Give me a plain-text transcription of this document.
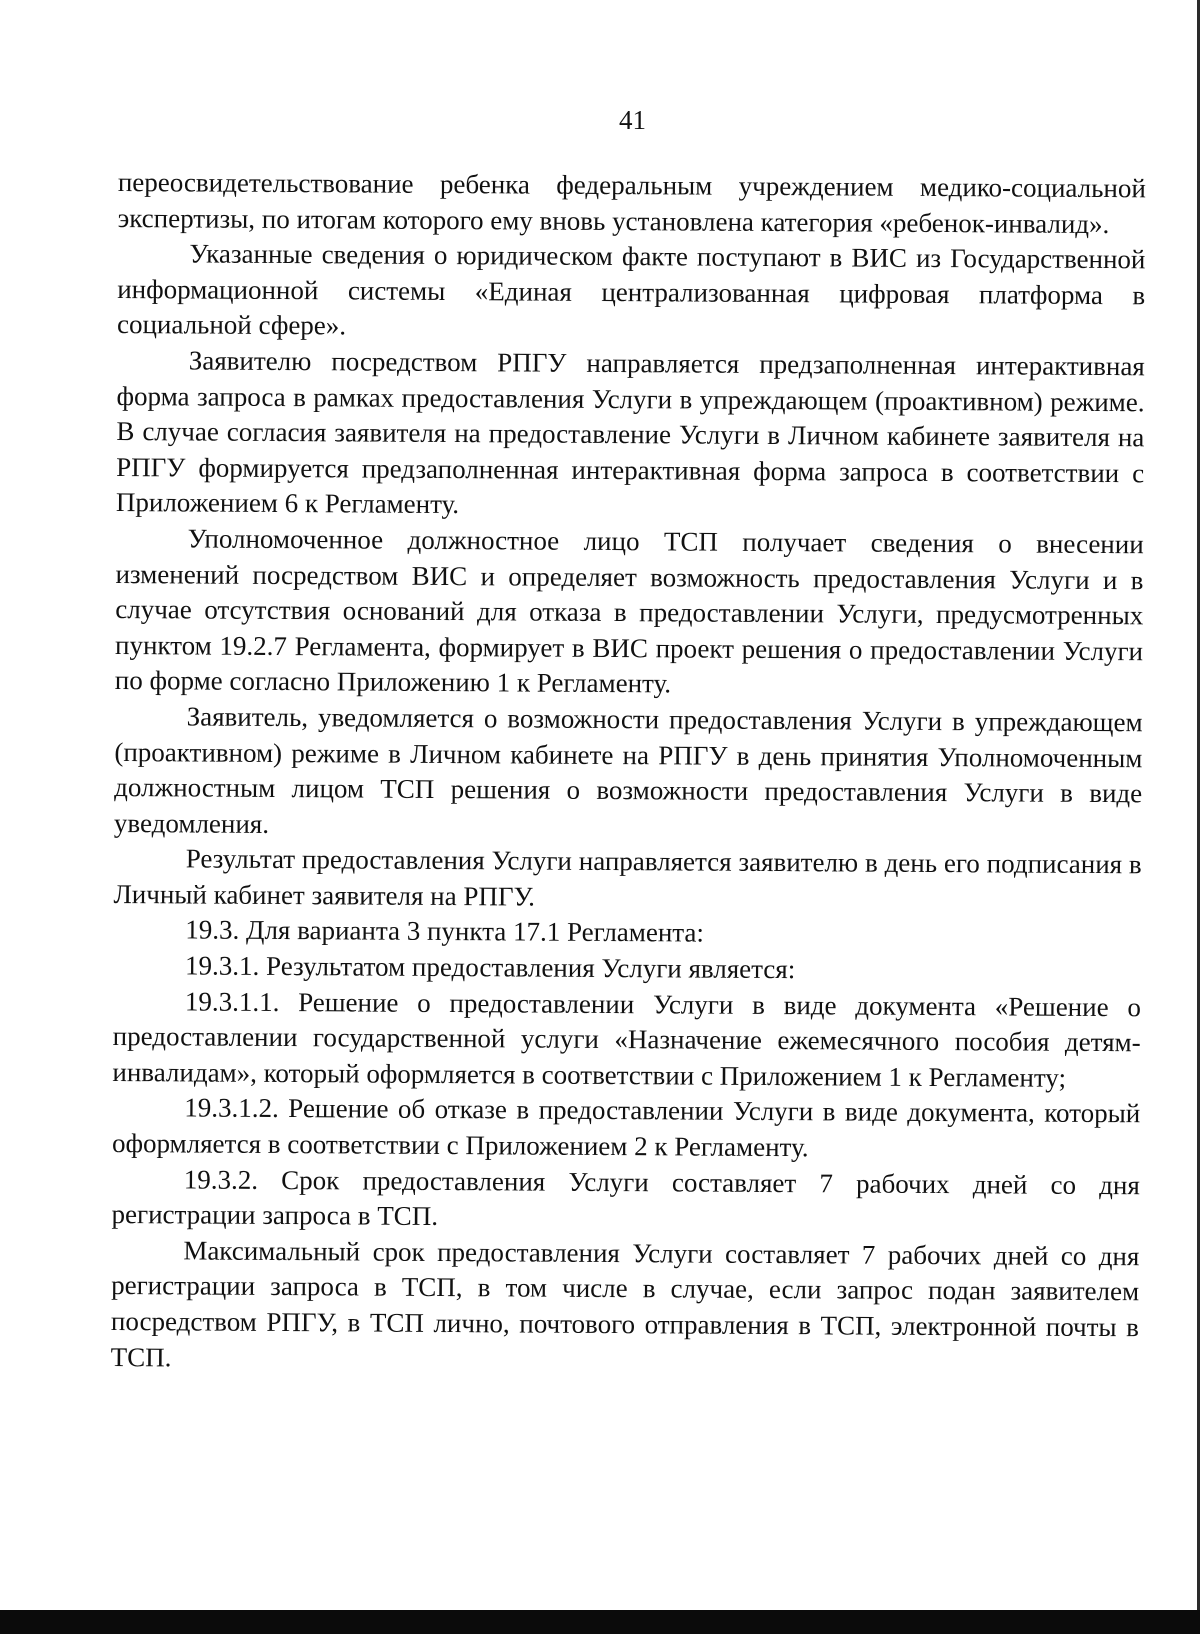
41

переосвидетельствование ребенка федеральным учреждением медико-социальной экспертизы, по итогам которого ему вновь установлена категория «ребенок-инвалид».

Указанные сведения о юридическом факте поступают в ВИС из Государственной информационной системы «Единая централизованная цифровая платформа в социальной сфере».

Заявителю посредством РПГУ направляется предзаполненная интерактивная форма запроса в рамках предоставления Услуги в упреждающем (проактивном) режиме. В случае согласия заявителя на предоставление Услуги в Личном кабинете заявителя на РПГУ формируется предзаполненная интерактивная форма запроса в соответствии с Приложением 6 к Регламенту.

Уполномоченное должностное лицо ТСП получает сведения о внесении изменений посредством ВИС и определяет возможность предоставления Услуги и в случае отсутствия оснований для отказа в предоставлении Услуги, предусмотренных пунктом 19.2.7 Регламента, формирует в ВИС проект решения о предоставлении Услуги по форме согласно Приложению 1 к Регламенту.

Заявитель, уведомляется о возможности предоставления Услуги в упреждающем (проактивном) режиме в Личном кабинете на РПГУ в день принятия Уполномоченным должностным лицом ТСП решения о возможности предоставления Услуги в виде уведомления.

Результат предоставления Услуги направляется заявителю в день его подписания в Личный кабинет заявителя на РПГУ.

19.3. Для варианта 3 пункта 17.1 Регламента:

19.3.1. Результатом предоставления Услуги является:

19.3.1.1. Решение о предоставлении Услуги в виде документа «Решение о предоставлении государственной услуги «Назначение ежемесячного пособия детям-инвалидам», который оформляется в соответствии с Приложением 1 к Регламенту;

19.3.1.2. Решение об отказе в предоставлении Услуги в виде документа, который оформляется в соответствии с Приложением 2 к Регламенту.

19.3.2. Срок предоставления Услуги составляет 7 рабочих дней со дня регистрации запроса в ТСП.

Максимальный срок предоставления Услуги составляет 7 рабочих дней со дня регистрации запроса в ТСП, в том числе в случае, если запрос подан заявителем посредством РПГУ, в ТСП лично, почтового отправления в ТСП, электронной почты в ТСП.
